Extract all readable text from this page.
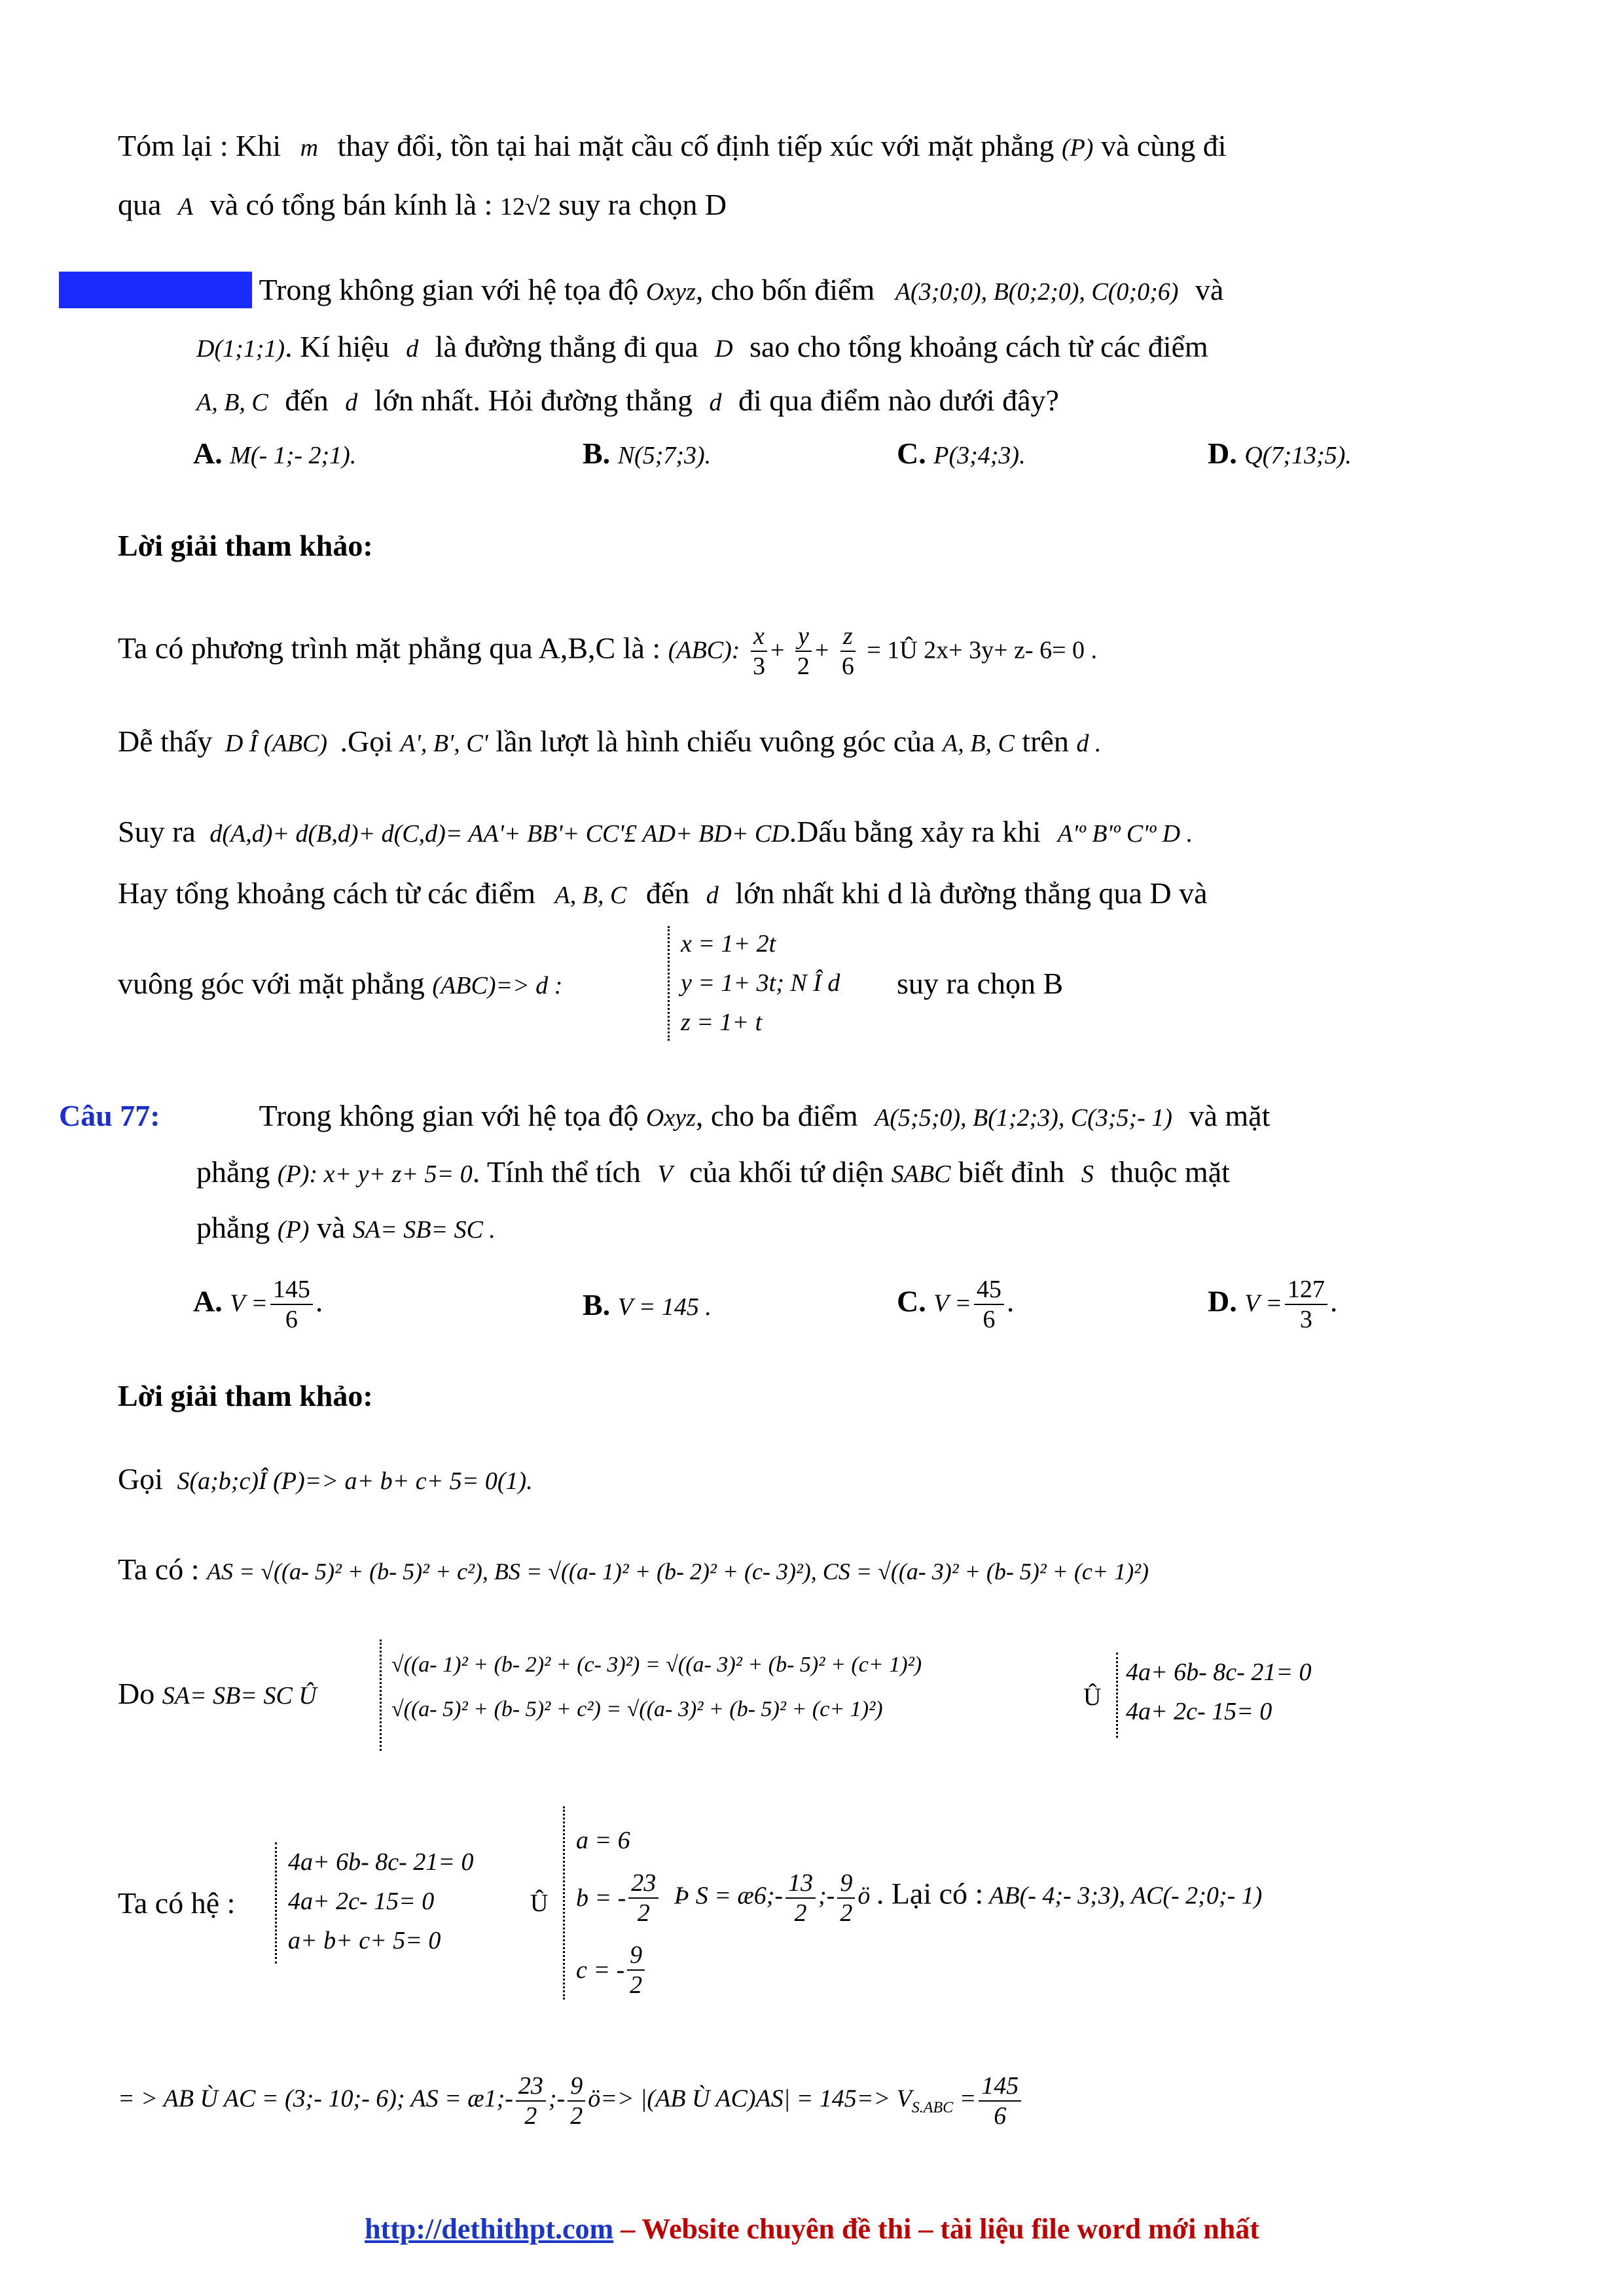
Tóm lại : Khi m thay đổi, tồn tại hai mặt cầu cố định tiếp xúc với mặt phẳng (P) và cùng đi
qua A và có tổng bán kính là : 12√2 suy ra chọn D
Câu 76:	Trong không gian với hệ tọa độ Oxyz, cho bốn điểm A(3;0;0), B(0;2;0), C(0;0;6) và
D(1;1;1). Kí hiệu d là đường thẳng đi qua D sao cho tổng khoảng cách từ các điểm
A, B, C đến d lớn nhất. Hỏi đường thẳng d đi qua điểm nào dưới đây?
A. M(- 1;- 2;1).	B. N(5;7;3).	C. P(3;4;3).	D. Q(7;13;5).
Lời giải tham khảo:
Ta có phương trình mặt phẳng qua A,B,C là : (ABC): $\frac{x}{3} + \frac{y}{2} + \frac{z}{6}$ = 1Û 2x+ 3y+ z- 6= 0 .
Dễ thấy D Î (ABC) .Gọi A', B', C' lần lượt là hình chiếu vuông góc của A, B, C trên d .
Suy ra d(A,d)+ d(B,d)+ d(C,d)= AA'+ BB'+ CC'£ AD+ BD+ CD.Dấu bằng xảy ra khi A'º B'º C'º D .
Hay tổng khoảng cách từ các điểm A, B, C đến d lớn nhất khi d là đường thẳng qua D và
vuông góc với mặt phẳng (ABC)=> d :
x = 1+ 2t
y = 1+ 3t; N Î d
z = 1+ t
suy ra chọn B
Câu 77:	Trong không gian với hệ tọa độ Oxyz, cho ba điểm A(5;5;0), B(1;2;3), C(3;5;- 1) và mặt
phẳng (P): x+ y+ z+ 5= 0. Tính thể tích V của khối tứ diện SABC biết đỉnh S thuộc mặt
phẳng (P) và SA= SB= SC .
A. $V = \frac{145}{6}$ .	B. V = 145 .	C. $V = \frac{45}{6}$ .	D. $V = \frac{127}{3}$ .
Lời giải tham khảo:
Gọi S(a;b;c)Î (P)=> a+ b+ c+ 5= 0(1).
Ta có : AS = √((a- 5)² + (b- 5)² + c²), BS = √((a- 1)² + (b- 2)² + (c- 3)²), CS = √((a- 3)² + (b- 5)² + (c+ 1)²)
Do SA= SB= SC Û
√((a- 1)² + (b- 2)² + (c- 3)²) = √((a- 3)² + (b- 5)² + (c+ 1)²)
√((a- 5)² + (b- 5)² + c²) = √((a- 3)² + (b- 5)² + (c+ 1)²)	Û
4a+ 6b- 8c- 21= 0
4a+ 2c- 15= 0
Ta có hệ :
4a+ 6b- 8c- 21= 0
4a+ 2c- 15= 0
a+ b+ c+ 5= 0
Û
a = 6
b = - $\frac{23}{2}$
c = - $\frac{9}{2}$
Þ S = æ6;- $\frac{13}{2}$ ;- $\frac{9}{2}$ ö . Lại có : AB(- 4;- 3;3), AC(- 2;0;- 1)
= > AB Ù AC = (3;- 10;- 6); AS = æ1;- $\frac{23}{2}$ ;- $\frac{9}{2}$ ö=> |(AB Ù $AC)AS| = 145=> V_{S.ABC} = \frac{145}{6}$
http://dethithpt.com – Website chuyên đề thi – tài liệu file word mới nhất
